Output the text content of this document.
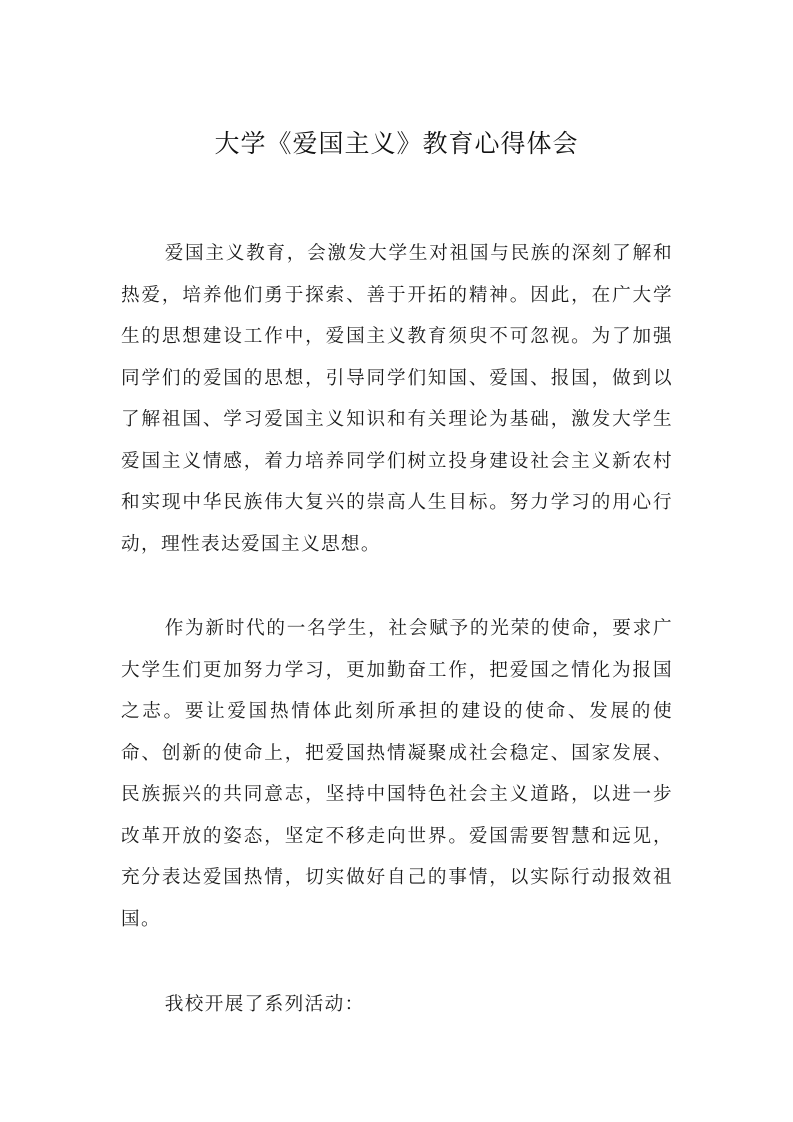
大学《爱国主义》教育心得体会

爱国主义教育，会激发大学生对祖国与民族的深刻了解和热爱，培养他们勇于探索、善于开拓的精神。因此，在广大学生的思想建设工作中，爱国主义教育须臾不可忽视。为了加强同学们的爱国的思想，引导同学们知国、爱国、报国，做到以了解祖国、学习爱国主义知识和有关理论为基础，激发大学生爱国主义情感，着力培养同学们树立投身建设社会主义新农村和实现中华民族伟大复兴的崇高人生目标。努力学习的用心行动，理性表达爱国主义思想。

作为新时代的一名学生，社会赋予的光荣的使命，要求广大学生们更加努力学习，更加勤奋工作，把爱国之情化为报国之志。要让爱国热情体此刻所承担的建设的使命、发展的使命、创新的使命上，把爱国热情凝聚成社会稳定、国家发展、民族振兴的共同意志，坚持中国特色社会主义道路，以进一步改革开放的姿态，坚定不移走向世界。爱国需要智慧和远见，充分表达爱国热情，切实做好自己的事情，以实际行动报效祖国。

我校开展了系列活动：
